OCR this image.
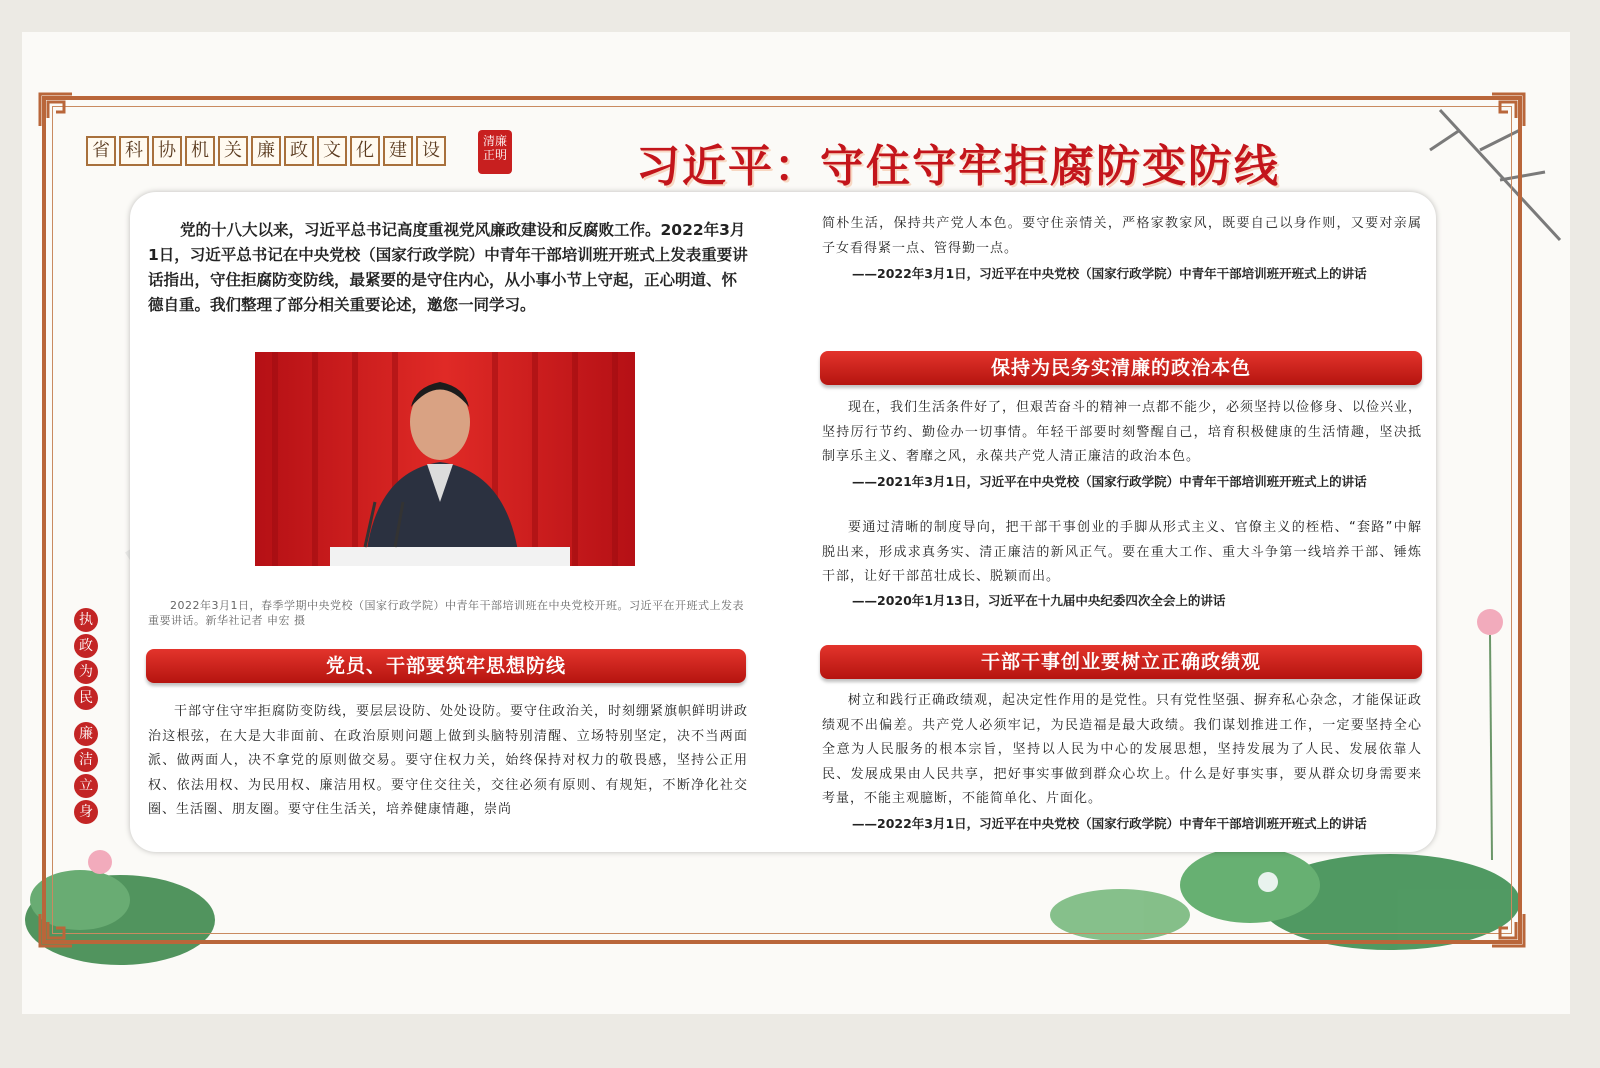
省 科 协 机 关 廉 政 文 化 建 设	清廉正明	习近平：守住守牢拒腐防变防线
执
政
为
民
廉
洁
立
身
党的十八大以来，习近平总书记高度重视党风廉政建设和反腐败工作。2022年3月1日，习近平总书记在中央党校（国家行政学院）中青年干部培训班开班式上发表重要讲话指出，守住拒腐防变防线，最紧要的是守住内心，从小事小节上守起，正心明道、怀德自重。我们整理了部分相关重要论述，邀您一同学习。
2022年3月1日，春季学期中央党校（国家行政学院）中青年干部培训班在中央党校开班。习近平在开班式上发表重要讲话。新华社记者 申宏 摄
党员、干部要筑牢思想防线

干部守住守牢拒腐防变防线，要层层设防、处处设防。要守住政治关，时刻绷紧旗帜鲜明讲政治这根弦，在大是大非面前、在政治原则问题上做到头脑特别清醒、立场特别坚定，决不当两面派、做两面人，决不拿党的原则做交易。要守住权力关，始终保持对权力的敬畏感，坚持公正用权、依法用权、为民用权、廉洁用权。要守住交往关，交往必须有原则、有规矩，不断净化社交圈、生活圈、朋友圈。要守住生活关，培养健康情趣，崇尚

简朴生活，保持共产党人本色。要守住亲情关，严格家教家风，既要自己以身作则，又要对亲属子女看得紧一点、管得勤一点。

——2022年3月1日，习近平在中央党校（国家行政学院）中青年干部培训班开班式上的讲话

保持为民务实清廉的政治本色

现在，我们生活条件好了，但艰苦奋斗的精神一点都不能少，必须坚持以俭修身、以俭兴业，坚持厉行节约、勤俭办一切事情。年轻干部要时刻警醒自己，培育积极健康的生活情趣，坚决抵制享乐主义、奢靡之风，永葆共产党人清正廉洁的政治本色。

——2021年3月1日，习近平在中央党校（国家行政学院）中青年干部培训班开班式上的讲话

要通过清晰的制度导向，把干部干事创业的手脚从形式主义、官僚主义的桎梏、“套路”中解脱出来，形成求真务实、清正廉洁的新风正气。要在重大工作、重大斗争第一线培养干部、锤炼干部，让好干部茁壮成长、脱颖而出。

——2020年1月13日，习近平在十九届中央纪委四次全会上的讲话

干部干事创业要树立正确政绩观

树立和践行正确政绩观，起决定性作用的是党性。只有党性坚强、摒弃私心杂念，才能保证政绩观不出偏差。共产党人必须牢记，为民造福是最大政绩。我们谋划推进工作，一定要坚持全心全意为人民服务的根本宗旨，坚持以人民为中心的发展思想，坚持发展为了人民、发展依靠人民、发展成果由人民共享，把好事实事做到群众心坎上。什么是好事实事，要从群众切身需要来考量，不能主观臆断，不能简单化、片面化。

——2022年3月1日，习近平在中央党校（国家行政学院）中青年干部培训班开班式上的讲话
